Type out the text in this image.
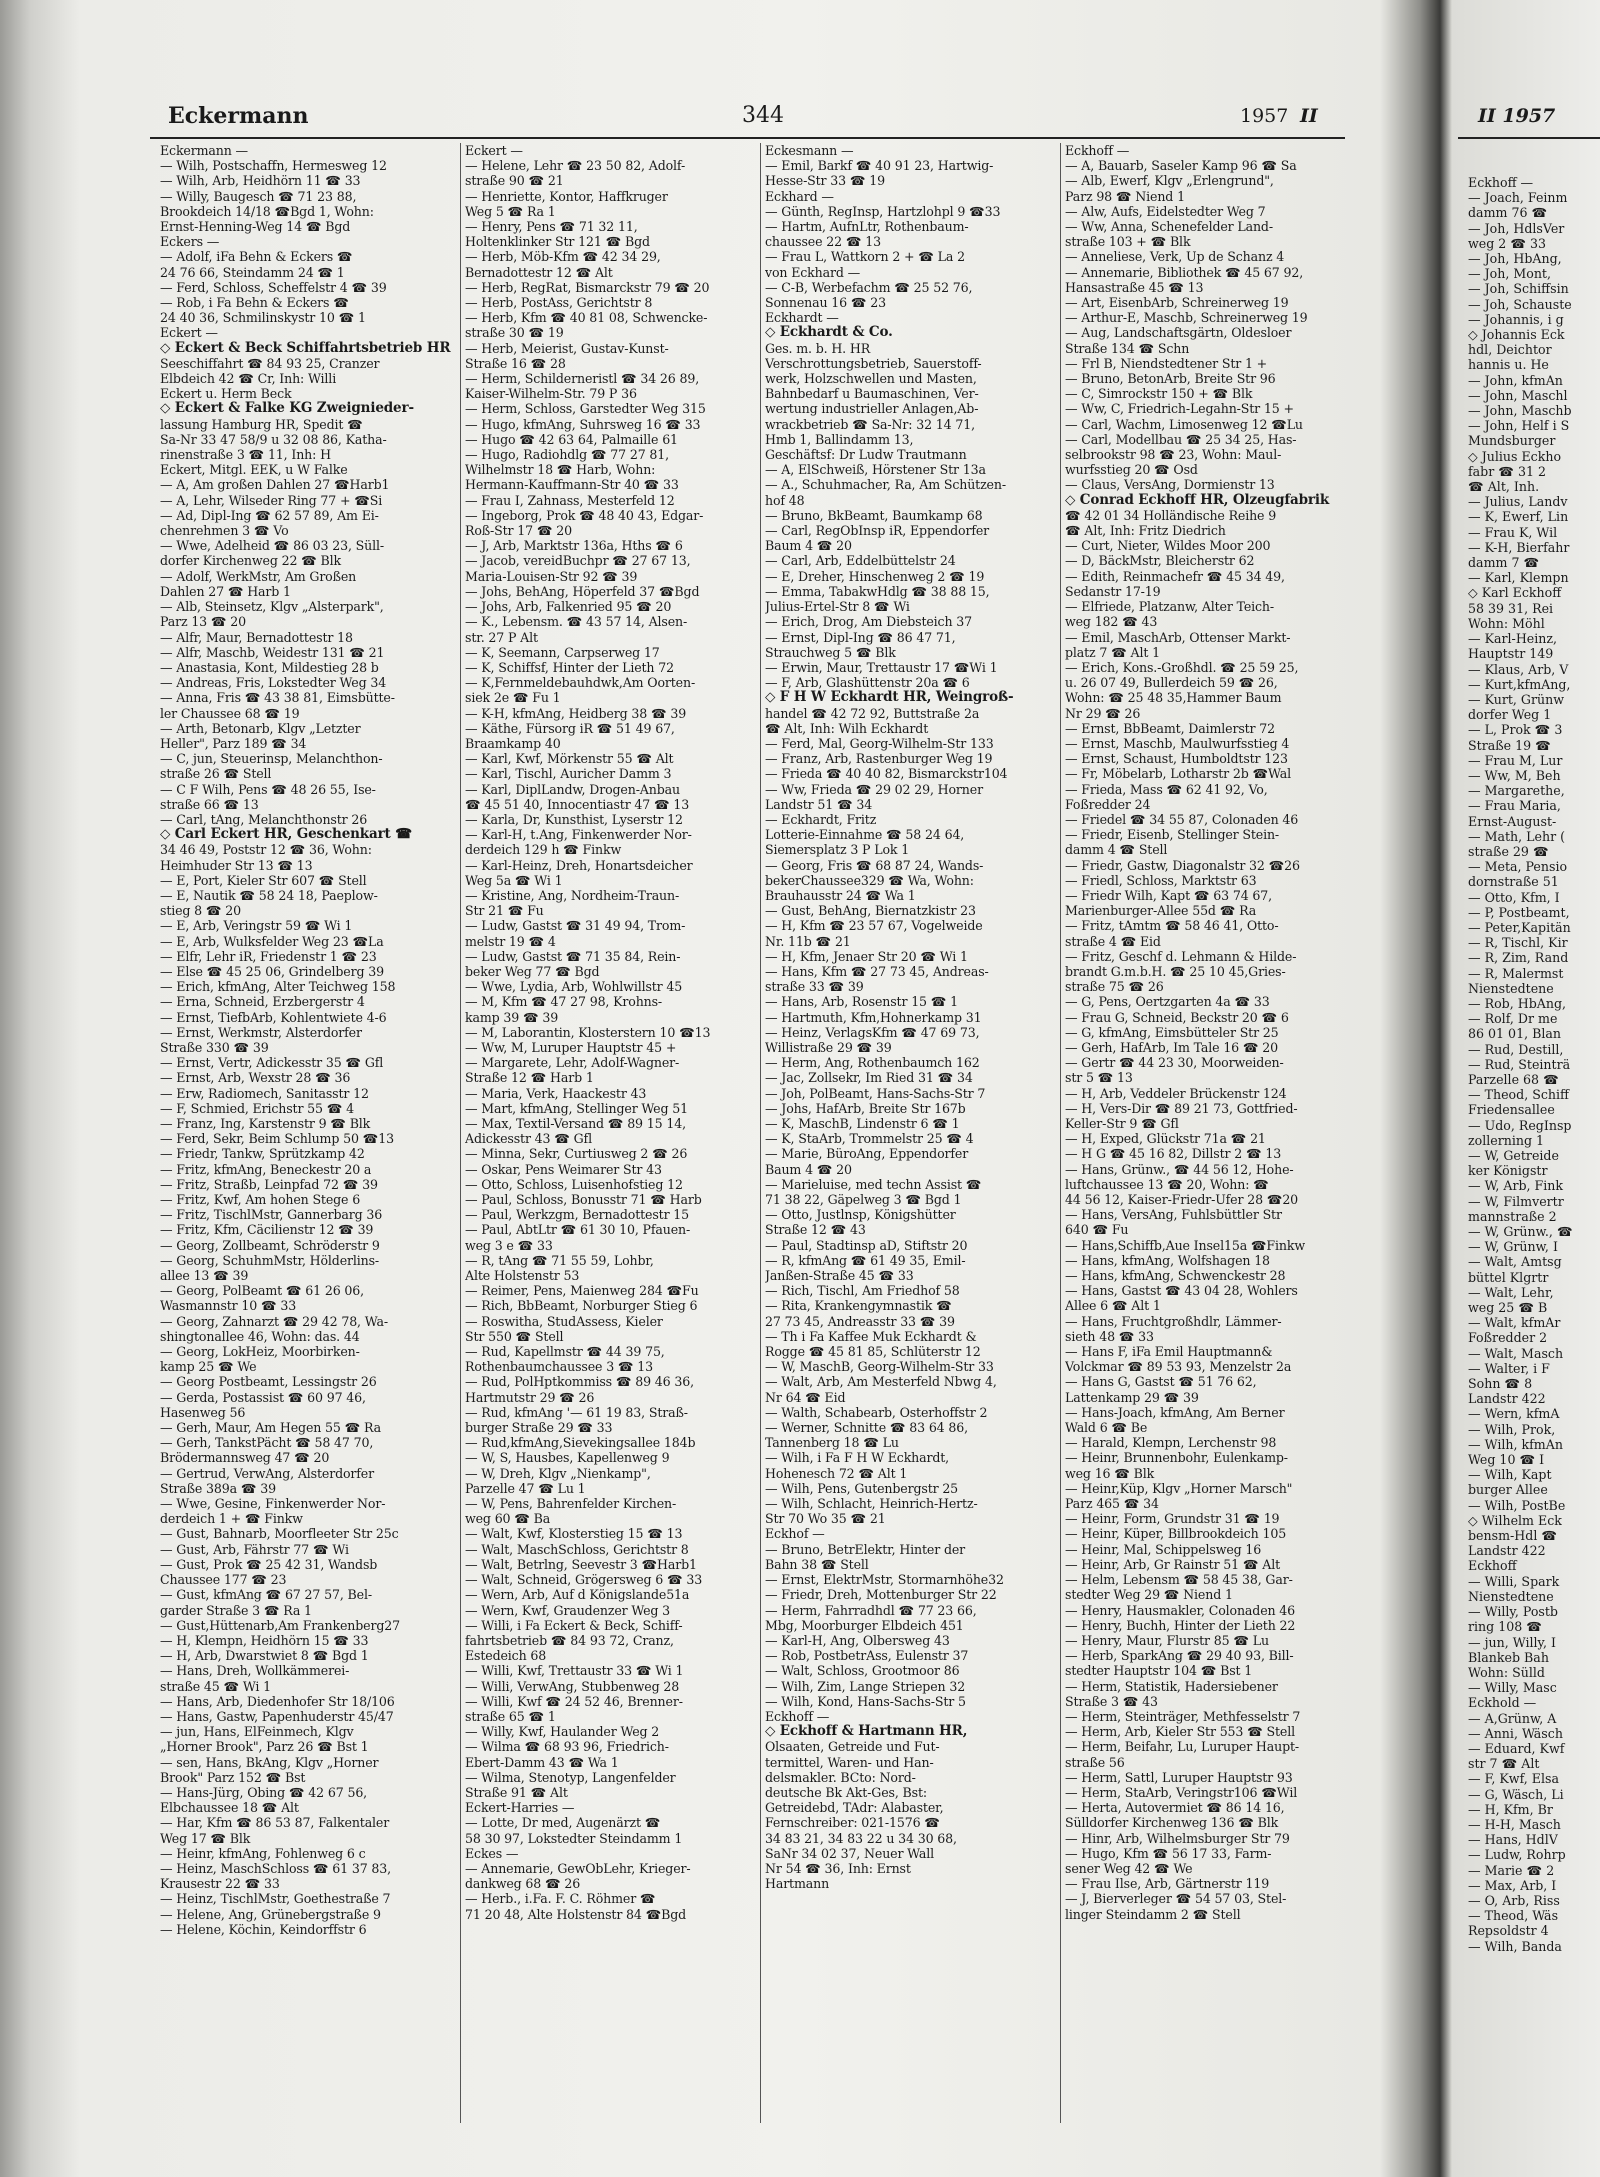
Eckermann	344	1957 II
Eckermann —
— Wilh, Postschaffn, Hermesweg 12
— Wilh, Arb, Heidhörn 11 ☎ 33
— Willy, Baugesch ☎ 71 23 88,
Brookdeich 14/18 ☎Bgd 1, Wohn:
Ernst-Henning-Weg 14 ☎ Bgd
Eckers —
— Adolf, iFa Behn & Eckers ☎
24 76 66, Steindamm 24 ☎ 1
— Ferd, Schloss, Scheffelstr 4 ☎ 39
— Rob, i Fa Behn & Eckers ☎
24 40 36, Schmilinskystr 10 ☎ 1
Eckert —
◇ Eckert & Beck Schiffahrtsbetrieb HR
Seeschiffahrt ☎ 84 93 25, Cranzer
Elbdeich 42 ☎ Cr, Inh: Willi
Eckert u. Herm Beck
◇ Eckert & Falke KG Zweignieder-
lassung Hamburg HR, Spedit ☎
Sa-Nr 33 47 58/9 u 32 08 86, Katha-
rinenstraße 3 ☎ 11, Inh: H
Eckert, Mitgl. EEK, u W Falke
— A, Am großen Dahlen 27 ☎Harb1
— A, Lehr, Wilseder Ring 77 + ☎Si
— Ad, Dipl-Ing ☎ 62 57 89, Am Ei-
chenrehmen 3 ☎ Vo
— Wwe, Adelheid ☎ 86 03 23, Süll-
dorfer Kirchenweg 22 ☎ Blk
— Adolf, WerkMstr, Am Großen
Dahlen 27 ☎ Harb 1
— Alb, Steinsetz, Klgv „Alsterpark",
Parz 13 ☎ 20
— Alfr, Maur, Bernadottestr 18
— Alfr, Maschb, Weidestr 131 ☎ 21
— Anastasia, Kont, Mildestieg 28 b
— Andreas, Fris, Lokstedter Weg 34
— Anna, Fris ☎ 43 38 81, Eimsbütte-
ler Chaussee 68 ☎ 19
— Arth, Betonarb, Klgv „Letzter
Heller", Parz 189 ☎ 34
— C, jun, Steuerinsp, Melanchthon-
straße 26 ☎ Stell
— C F Wilh, Pens ☎ 48 26 55, Ise-
straße 66 ☎ 13
— Carl, tAng, Melanchthonstr 26
◇ Carl Eckert HR, Geschenkart ☎
34 46 49, Poststr 12 ☎ 36, Wohn:
Heimhuder Str 13 ☎ 13
— E, Port, Kieler Str 607 ☎ Stell
— E, Nautik ☎ 58 24 18, Paeplow-
stieg 8 ☎ 20
— E, Arb, Veringstr 59 ☎ Wi 1
— E, Arb, Wulksfelder Weg 23 ☎La
— Elfr, Lehr iR, Friedenstr 1 ☎ 23
— Else ☎ 45 25 06, Grindelberg 39
— Erich, kfmAng, Alter Teichweg 158
— Erna, Schneid, Erzbergerstr 4
— Ernst, TiefbArb, Kohlentwiete 4-6
— Ernst, Werkmstr, Alsterdorfer
Straße 330 ☎ 39
— Ernst, Vertr, Adickesstr 35 ☎ Gfl
— Ernst, Arb, Wexstr 28 ☎ 36
— Erw, Radiomech, Sanitasstr 12
— F, Schmied, Erichstr 55 ☎ 4
— Franz, Ing, Karstenstr 9 ☎ Blk
— Ferd, Sekr, Beim Schlump 50 ☎13
— Friedr, Tankw, Sprützkamp 42
— Fritz, kfmAng, Beneckestr 20 a
— Fritz, Straßb, Leinpfad 72 ☎ 39
— Fritz, Kwf, Am hohen Stege 6
— Fritz, TischlMstr, Gannerbarg 36
— Fritz, Kfm, Cäcilienstr 12 ☎ 39
— Georg, Zollbeamt, Schröderstr 9
— Georg, SchuhmMstr, Hölderlins-
allee 13 ☎ 39
— Georg, PolBeamt ☎ 61 26 06,
Wasmannstr 10 ☎ 33
— Georg, Zahnarzt ☎ 29 42 78, Wa-
shingtonallee 46, Wohn: das. 44
— Georg, LokHeiz, Moorbirken-
kamp 25 ☎ We
— Georg Postbeamt, Lessingstr 26
— Gerda, Postassist ☎ 60 97 46,
Hasenweg 56
— Gerh, Maur, Am Hegen 55 ☎ Ra
— Gerh, TankstPächt ☎ 58 47 70,
Brödermannsweg 47 ☎ 20
— Gertrud, VerwAng, Alsterdorfer
Straße 389a ☎ 39
— Wwe, Gesine, Finkenwerder Nor-
derdeich 1 + ☎ Finkw
— Gust, Bahnarb, Moorfleeter Str 25c
— Gust, Arb, Fährstr 77 ☎ Wi
— Gust, Prok ☎ 25 42 31, Wandsb
Chaussee 177 ☎ 23
— Gust, kfmAng ☎ 67 27 57, Bel-
garder Straße 3 ☎ Ra 1
— Gust,Hüttenarb,Am Frankenberg27
— H, Klempn, Heidhörn 15 ☎ 33
— H, Arb, Dwarstwiet 8 ☎ Bgd 1
— Hans, Dreh, Wollkämmerei-
straße 45 ☎ Wi 1
— Hans, Arb, Diedenhofer Str 18/106
— Hans, Gastw, Papenhuderstr 45/47
— jun, Hans, ElFeinmech, Klgv
„Horner Brook", Parz 26 ☎ Bst 1
— sen, Hans, BkAng, Klgv „Horner
Brook" Parz 152 ☎ Bst
— Hans-Jürg, Obing ☎ 42 67 56,
Elbchaussee 18 ☎ Alt
— Har, Kfm ☎ 86 53 87, Falkentaler
Weg 17 ☎ Blk
— Heinr, kfmAng, Fohlenweg 6 c
— Heinz, MaschSchloss ☎ 61 37 83,
Krausestr 22 ☎ 33
— Heinz, TischlMstr, Goethestraße 7
— Helene, Ang, Grünebergstraße 9
— Helene, Köchin, Keindorffstr 6
Eckert —
— Helene, Lehr ☎ 23 50 82, Adolf-
straße 90 ☎ 21
— Henriette, Kontor, Haffkruger
Weg 5 ☎ Ra 1
— Henry, Pens ☎ 71 32 11,
Holtenklinker Str 121 ☎ Bgd
— Herb, Möb-Kfm ☎ 42 34 29,
Bernadottestr 12 ☎ Alt
— Herb, RegRat, Bismarckstr 79 ☎ 20
— Herb, PostAss, Gerichtstr 8
— Herb, Kfm ☎ 40 81 08, Schwencke-
straße 30 ☎ 19
— Herb, Meierist, Gustav-Kunst-
Straße 16 ☎ 28
— Herm, Schilderneristl ☎ 34 26 89,
Kaiser-Wilhelm-Str. 79 P 36
— Herm, Schloss, Garstedter Weg 315
— Hugo, kfmAng, Suhrsweg 16 ☎ 33
— Hugo ☎ 42 63 64, Palmaille 61
— Hugo, Radiohdlg ☎ 77 27 81,
Wilhelmstr 18 ☎ Harb, Wohn:
Hermann-Kauffmann-Str 40 ☎ 33
— Frau I, Zahnass, Mesterfeld 12
— Ingeborg, Prok ☎ 48 40 43, Edgar-
Roß-Str 17 ☎ 20
— J, Arb, Marktstr 136a, Hths ☎ 6
— Jacob, vereidBuchpr ☎ 27 67 13,
Maria-Louisen-Str 92 ☎ 39
— Johs, BehAng, Höperfeld 37 ☎Bgd
— Johs, Arb, Falkenried 95 ☎ 20
— K., Lebensm. ☎ 43 57 14, Alsen-
str. 27 P Alt
— K, Seemann, Carpserweg 17
— K, Schiffsf, Hinter der Lieth 72
— K,Fernmeldebauhdwk,Am Oorten-
siek 2e ☎ Fu 1
— K-H, kfmAng, Heidberg 38 ☎ 39
— Käthe, Fürsorg iR ☎ 51 49 67,
Braamkamp 40
— Karl, Kwf, Mörkenstr 55 ☎ Alt
— Karl, Tischl, Auricher Damm 3
— Karl, DiplLandw, Drogen-Anbau
☎ 45 51 40, Innocentiastr 47 ☎ 13
— Karla, Dr, Kunsthist, Lyserstr 12
— Karl-H, t.Ang, Finkenwerder Nor-
derdeich 129 h ☎ Finkw
— Karl-Heinz, Dreh, Honartsdeicher
Weg 5a ☎ Wi 1
— Kristine, Ang, Nordheim-Traun-
Str 21 ☎ Fu
— Ludw, Gastst ☎ 31 49 94, Trom-
melstr 19 ☎ 4
— Ludw, Gastst ☎ 71 35 84, Rein-
beker Weg 77 ☎ Bgd
— Wwe, Lydia, Arb, Wohlwillstr 45
— M, Kfm ☎ 47 27 98, Krohns-
kamp 39 ☎ 39
— M, Laborantin, Klosterstern 10 ☎13
— Ww, M, Luruper Hauptstr 45 +
— Margarete, Lehr, Adolf-Wagner-
Straße 12 ☎ Harb 1
— Maria, Verk, Haackestr 43
— Mart, kfmAng, Stellinger Weg 51
— Max, Textil-Versand ☎ 89 15 14,
Adickesstr 43 ☎ Gfl
— Minna, Sekr, Curtiusweg 2 ☎ 26
— Oskar, Pens Weimarer Str 43
— Otto, Schloss, Luisenhofstieg 12
— Paul, Schloss, Bonusstr 71 ☎ Harb
— Paul, Werkzgm, Bernadottestr 15
— Paul, AbtLtr ☎ 61 30 10, Pfauen-
weg 3 e ☎ 33
— R, tAng ☎ 71 55 59, Lohbr,
Alte Holstenstr 53
— Reimer, Pens, Maienweg 284 ☎Fu
— Rich, BbBeamt, Norburger Stieg 6
— Roswitha, StudAssess, Kieler
Str 550 ☎ Stell
— Rud, Kapellmstr ☎ 44 39 75,
Rothenbaumchaussee 3 ☎ 13
— Rud, PolHptkommiss ☎ 89 46 36,
Hartmutstr 29 ☎ 26
— Rud, kfmAng '— 61 19 83, Straß-
burger Straße 29 ☎ 33
— Rud,kfmAng,Sievekingsallee 184b
— W, S, Hausbes, Kapellenweg 9
— W, Dreh, Klgv „Nienkamp",
Parzelle 47 ☎ Lu 1
— W, Pens, Bahrenfelder Kirchen-
weg 60 ☎ Ba
— Walt, Kwf, Klosterstieg 15 ☎ 13
— Walt, MaschSchloss, Gerichtstr 8
— Walt, Betrlng, Seevestr 3 ☎Harb1
— Walt, Schneid, Grögersweg 6 ☎ 33
— Wern, Arb, Auf d Königslande51a
— Wern, Kwf, Graudenzer Weg 3
— Willi, i Fa Eckert & Beck, Schiff-
fahrtsbetrieb ☎ 84 93 72, Cranz,
Estedeich 68
— Willi, Kwf, Trettaustr 33 ☎ Wi 1
— Willi, VerwAng, Stubbenweg 28
— Willi, Kwf ☎ 24 52 46, Brenner-
straße 65 ☎ 1
— Willy, Kwf, Haulander Weg 2
— Wilma ☎ 68 93 96, Friedrich-
Ebert-Damm 43 ☎ Wa 1
— Wilma, Stenotyp, Langenfelder
Straße 91 ☎ Alt
Eckert-Harries —
— Lotte, Dr med, Augenärzt ☎
58 30 97, Lokstedter Steindamm 1
Eckes —
— Annemarie, GewObLehr, Krieger-
dankweg 68 ☎ 26
— Herb., i.Fa. F. C. Röhmer ☎
71 20 48, Alte Holstenstr 84 ☎Bgd
Eckesmann —
— Emil, Barkf ☎ 40 91 23, Hartwig-
Hesse-Str 33 ☎ 19
Eckhard —
— Günth, RegInsp, Hartzlohpl 9 ☎33
— Hartm, AufnLtr, Rothenbaum-
chaussee 22 ☎ 13
— Frau L, Wattkorn 2 + ☎ La 2
von Eckhard —
— C-B, Werbefachm ☎ 25 52 76,
Sonnenau 16 ☎ 23
Eckhardt —
◇ Eckhardt & Co.
Ges. m. b. H. HR
Verschrottungsbetrieb, Sauerstoff-
werk, Holzschwellen und Masten,
Bahnbedarf u Baumaschinen, Ver-
wertung industrieller Anlagen,Ab-
wrackbetrieb ☎ Sa-Nr: 32 14 71,
Hmb 1, Ballindamm 13,
Geschäftsf: Dr Ludw Trautmann
— A, ElSchweiß, Hörstener Str 13a
— A., Schuhmacher, Ra, Am Schützen-
hof 48
— Bruno, BkBeamt, Baumkamp 68
— Carl, RegObInsp iR, Eppendorfer
Baum 4 ☎ 20
— Carl, Arb, Eddelbüttelstr 24
— E, Dreher, Hinschenweg 2 ☎ 19
— Emma, TabakwHdlg ☎ 38 88 15,
Julius-Ertel-Str 8 ☎ Wi
— Erich, Drog, Am Diebsteich 37
— Ernst, Dipl-Ing ☎ 86 47 71,
Strauchweg 5 ☎ Blk
— Erwin, Maur, Trettaustr 17 ☎Wi 1
— F, Arb, Glashüttenstr 20a ☎ 6
◇ F H W Eckhardt HR, Weingroß-
handel ☎ 42 72 92, Buttstraße 2a
☎ Alt, Inh: Wilh Eckhardt
— Ferd, Mal, Georg-Wilhelm-Str 133
— Franz, Arb, Rastenburger Weg 19
— Frieda ☎ 40 40 82, Bismarckstr104
— Ww, Frieda ☎ 29 02 29, Horner
Landstr 51 ☎ 34
— Eckhardt, Fritz
Lotterie-Einnahme ☎ 58 24 64,
Siemersplatz 3 P Lok 1
— Georg, Fris ☎ 68 87 24, Wands-
bekerChaussee329 ☎ Wa, Wohn:
Brauhausstr 24 ☎ Wa 1
— Gust, BehAng, Biernatzkistr 23
— H, Kfm ☎ 23 57 67, Vogelweide
Nr. 11b ☎ 21
— H, Kfm, Jenaer Str 20 ☎ Wi 1
— Hans, Kfm ☎ 27 73 45, Andreas-
straße 33 ☎ 39
— Hans, Arb, Rosenstr 15 ☎ 1
— Hartmuth, Kfm,Hohnerkamp 31
— Heinz, VerlagsKfm ☎ 47 69 73,
Willistraße 29 ☎ 39
— Herm, Ang, Rothenbaumch 162
— Jac, Zollsekr, Im Ried 31 ☎ 34
— Joh, PolBeamt, Hans-Sachs-Str 7
— Johs, HafArb, Breite Str 167b
— K, MaschB, Lindenstr 6 ☎ 1
— K, StaArb, Trommelstr 25 ☎ 4
— Marie, BüroAng, Eppendorfer
Baum 4 ☎ 20
— Marieluise, med techn Assist ☎
71 38 22, Gäpelweg 3 ☎ Bgd 1
— Otto, Justlnsp, Königshütter
Straße 12 ☎ 43
— Paul, Stadtinsp aD, Stiftstr 20
— R, kfmAng ☎ 61 49 35, Emil-
Janßen-Straße 45 ☎ 33
— Rich, Tischl, Am Friedhof 58
— Rita, Krankengymnastik ☎
27 73 45, Andreasstr 33 ☎ 39
— Th i Fa Kaffee Muk Eckhardt &
Rogge ☎ 45 81 85, Schlüterstr 12
— W, MaschB, Georg-Wilhelm-Str 33
— Walt, Arb, Am Mesterfeld Nbwg 4,
Nr 64 ☎ Eid
— Walth, Schabearb, Osterhoffstr 2
— Werner, Schnitte ☎ 83 64 86,
Tannenberg 18 ☎ Lu
— Wilh, i Fa F H W Eckhardt,
Hohenesch 72 ☎ Alt 1
— Wilh, Pens, Gutenbergstr 25
— Wilh, Schlacht, Heinrich-Hertz-
Str 70 Wo 35 ☎ 21
Eckhof —
— Bruno, BetrElektr, Hinter der
Bahn 38 ☎ Stell
— Ernst, ElektrMstr, Stormarnhöhe32
— Friedr, Dreh, Mottenburger Str 22
— Herm, Fahrradhdl ☎ 77 23 66,
Mbg, Moorburger Elbdeich 451
— Karl-H, Ang, Olbersweg 43
— Rob, PostbetrAss, Eulenstr 37
— Walt, Schloss, Grootmoor 86
— Wilh, Zim, Lange Striepen 32
— Wilh, Kond, Hans-Sachs-Str 5
Eckhoff —
◇ Eckhoff & Hartmann HR,
Olsaaten, Getreide und Fut-
termittel, Waren- und Han-
delsmakler. BCto: Nord-
deutsche Bk Akt-Ges, Bst:
Getreidebd, TAdr: Alabaster,
Fernschreiber: 021-1576 ☎
34 83 21, 34 83 22 u 34 30 68,
SaNr 34 02 37, Neuer Wall
Nr 54 ☎ 36, Inh: Ernst
Hartmann
Eckhoff —
— A, Bauarb, Saseler Kamp 96 ☎ Sa
— Alb, Ewerf, Klgv „Erlengrund",
Parz 98 ☎ Niend 1
— Alw, Aufs, Eidelstedter Weg 7
— Ww, Anna, Schenefelder Land-
straße 103 + ☎ Blk
— Anneliese, Verk, Up de Schanz 4
— Annemarie, Bibliothek ☎ 45 67 92,
Hansastraße 45 ☎ 13
— Art, EisenbArb, Schreinerweg 19
— Arthur-E, Maschb, Schreinerweg 19
— Aug, Landschaftsgärtn, Oldesloer
Straße 134 ☎ Schn
— Frl B, Niendstedtener Str 1 +
— Bruno, BetonArb, Breite Str 96
— C, Simrockstr 150 + ☎ Blk
— Ww, C, Friedrich-Legahn-Str 15 +
— Carl, Wachm, Limosenweg 12 ☎Lu
— Carl, Modellbau ☎ 25 34 25, Has-
selbrookstr 98 ☎ 23, Wohn: Maul-
wurfsstieg 20 ☎ Osd
— Claus, VersAng, Dormienstr 13
◇ Conrad Eckhoff HR, Olzeugfabrik
☎ 42 01 34 Holländische Reihe 9
☎ Alt, Inh: Fritz Diedrich
— Curt, Nieter, Wildes Moor 200
— D, BäckMstr, Bleicherstr 62
— Edith, Reinmachefr ☎ 45 34 49,
Sedanstr 17-19
— Elfriede, Platzanw, Alter Teich-
weg 182 ☎ 43
— Emil, MaschArb, Ottenser Markt-
platz 7 ☎ Alt 1
— Erich, Kons.-Großhdl. ☎ 25 59 25,
u. 26 07 49, Bullerdeich 59 ☎ 26,
Wohn: ☎ 25 48 35,Hammer Baum
Nr 29 ☎ 26
— Ernst, BbBeamt, Daimlerstr 72
— Ernst, Maschb, Maulwurfsstieg 4
— Ernst, Schaust, Humboldtstr 123
— Fr, Möbelarb, Lotharstr 2b ☎Wal
— Frieda, Mass ☎ 62 41 92, Vo,
Foßredder 24
— Friedel ☎ 34 55 87, Colonaden 46
— Friedr, Eisenb, Stellinger Stein-
damm 4 ☎ Stell
— Friedr, Gastw, Diagonalstr 32 ☎26
— Friedl, Schloss, Marktstr 63
— Friedr Wilh, Kapt ☎ 63 74 67,
Marienburger-Allee 55d ☎ Ra
— Fritz, tAmtm ☎ 58 46 41, Otto-
straße 4 ☎ Eid
— Fritz, Geschf d. Lehmann & Hilde-
brandt G.m.b.H. ☎ 25 10 45,Gries-
straße 75 ☎ 26
— G, Pens, Oertzgarten 4a ☎ 33
— Frau G, Schneid, Beckstr 20 ☎ 6
— G, kfmAng, Eimsbütteler Str 25
— Gerh, HafArb, Im Tale 16 ☎ 20
— Gertr ☎ 44 23 30, Moorweiden-
str 5 ☎ 13
— H, Arb, Veddeler Brückenstr 124
— H, Vers-Dir ☎ 89 21 73, Gottfried-
Keller-Str 9 ☎ Gfl
— H, Exped, Glückstr 71a ☎ 21
— H G ☎ 45 16 82, Dillstr 2 ☎ 13
— Hans, Grünw., ☎ 44 56 12, Hohe-
luftchaussee 13 ☎ 20, Wohn: ☎
44 56 12, Kaiser-Friedr-Ufer 28 ☎20
— Hans, VersAng, Fuhlsbüttler Str
640 ☎ Fu
— Hans,Schiffb,Aue Insel15a ☎Finkw
— Hans, kfmAng, Wolfshagen 18
— Hans, kfmAng, Schwenckestr 28
— Hans, Gastst ☎ 43 04 28, Wohlers
Allee 6 ☎ Alt 1
— Hans, Fruchtgroßhdlr, Lämmer-
sieth 48 ☎ 33
— Hans F, iFa Emil Hauptmann&
Volckmar ☎ 89 53 93, Menzelstr 2a
— Hans G, Gastst ☎ 51 76 62,
Lattenkamp 29 ☎ 39
— Hans-Joach, kfmAng, Am Berner
Wald 6 ☎ Be
— Harald, Klempn, Lerchenstr 98
— Heinr, Brunnenbohr, Eulenkamp-
weg 16 ☎ Blk
— Heinr,Küp, Klgv „Horner Marsch"
Parz 465 ☎ 34
— Heinr, Form, Grundstr 31 ☎ 19
— Heinr, Küper, Billbrookdeich 105
— Heinr, Mal, Schippelsweg 16
— Heinr, Arb, Gr Rainstr 51 ☎ Alt
— Helm, Lebensm ☎ 58 45 38, Gar-
stedter Weg 29 ☎ Niend 1
— Henry, Hausmakler, Colonaden 46
— Henry, Buchh, Hinter der Lieth 22
— Henry, Maur, Flurstr 85 ☎ Lu
— Herb, SparkAng ☎ 29 40 93, Bill-
stedter Hauptstr 104 ☎ Bst 1
— Herm, Statistik, Hadersiebener
Straße 3 ☎ 43
— Herm, Steinträger, Methfesselstr 7
— Herm, Arb, Kieler Str 553 ☎ Stell
— Herm, Beifahr, Lu, Luruper Haupt-
straße 56
— Herm, Sattl, Luruper Hauptstr 93
— Herm, StaArb, Veringstr106 ☎Wil
— Herta, Autovermiet ☎ 86 14 16,
Sülldorfer Kirchenweg 136 ☎ Blk
— Hinr, Arb, Wilhelmsburger Str 79
— Hugo, Kfm ☎ 56 17 33, Farm-
sener Weg 42 ☎ We
— Frau Ilse, Arb, Gärtnerstr 119
— J, Bierverleger ☎ 54 57 03, Stel-
linger Steindamm 2 ☎ Stell
II 1957
Eckhoff —
— Joach, Feinm
damm 76 ☎
— Joh, HdlsVer
weg 2 ☎ 33
— Joh, HbAng,
— Joh, Mont,
— Joh, Schiffsin
— Joh, Schauste
— Johannis, i g
◇ Johannis Eck
hdl, Deichtor
hannis u. He
— John, kfmAn
— John, Maschl
— John, Maschb
— John, Helf i S
Mundsburger
◇ Julius Eckho
fabr ☎ 31 2
☎ Alt, Inh.
— Julius, Landv
— K, Ewerf, Lin
— Frau K, Wil
— K-H, Bierfahr
damm 7 ☎
— Karl, Klempn
◇ Karl Eckhoff
58 39 31, Rei
Wohn: Möhl
— Karl-Heinz,
Hauptstr 149
— Klaus, Arb, V
— Kurt,kfmAng,
— Kurt, Grünw
dorfer Weg 1
— L, Prok ☎ 3
Straße 19 ☎
— Frau M, Lur
— Ww, M, Beh
— Margarethe,
— Frau Maria,
Ernst-August-
— Math, Lehr (
straße 29 ☎
— Meta, Pensio
dornstraße 51
— Otto, Kfm, I
— P, Postbeamt,
— Peter,Kapitän
— R, Tischl, Kir
— R, Zim, Rand
— R, Malermst
Nienstedtene
— Rob, HbAng,
— Rolf, Dr me
86 01 01, Blan
— Rud, Destill,
— Rud, Steinträ
Parzelle 68 ☎
— Theod, Schiff
Friedensallee
— Udo, RegInsp
zollerning 1
— W, Getreide
ker Königstr
— W, Arb, Fink
— W, Filmvertr
mannstraße 2
— W, Grünw., ☎
— W, Grünw, I
— Walt, Amtsg
büttel Klgrtr
— Walt, Lehr,
weg 25 ☎ B
— Walt, kfmAr
Foßredder 2
— Walt, Masch
— Walter, i F
Sohn ☎ 8
Landstr 422
— Wern, kfmA
— Wilh, Prok,
— Wilh, kfmAn
Weg 10 ☎ I
— Wilh, Kapt
burger Allee
— Wilh, PostBe
◇ Wilhelm Eck
bensm-Hdl ☎
Landstr 422
Eckhoff
— Willi, Spark
Nienstedtene
— Willy, Postb
ring 108 ☎
— jun, Willy, I
Blankeb Bah
Wohn: Sülld
— Willy, Masc
Eckhold —
— A,Grünw, A
— Anni, Wäsch
— Eduard, Kwf
str 7 ☎ Alt
— F, Kwf, Elsa
— G, Wäsch, Li
— H, Kfm, Br
— H-H, Masch
— Hans, HdlV
— Ludw, Rohrp
— Marie ☎ 2
— Max, Arb, I
— O, Arb, Riss
— Theod, Wäs
Repsoldstr 4
— Wilh, Banda
